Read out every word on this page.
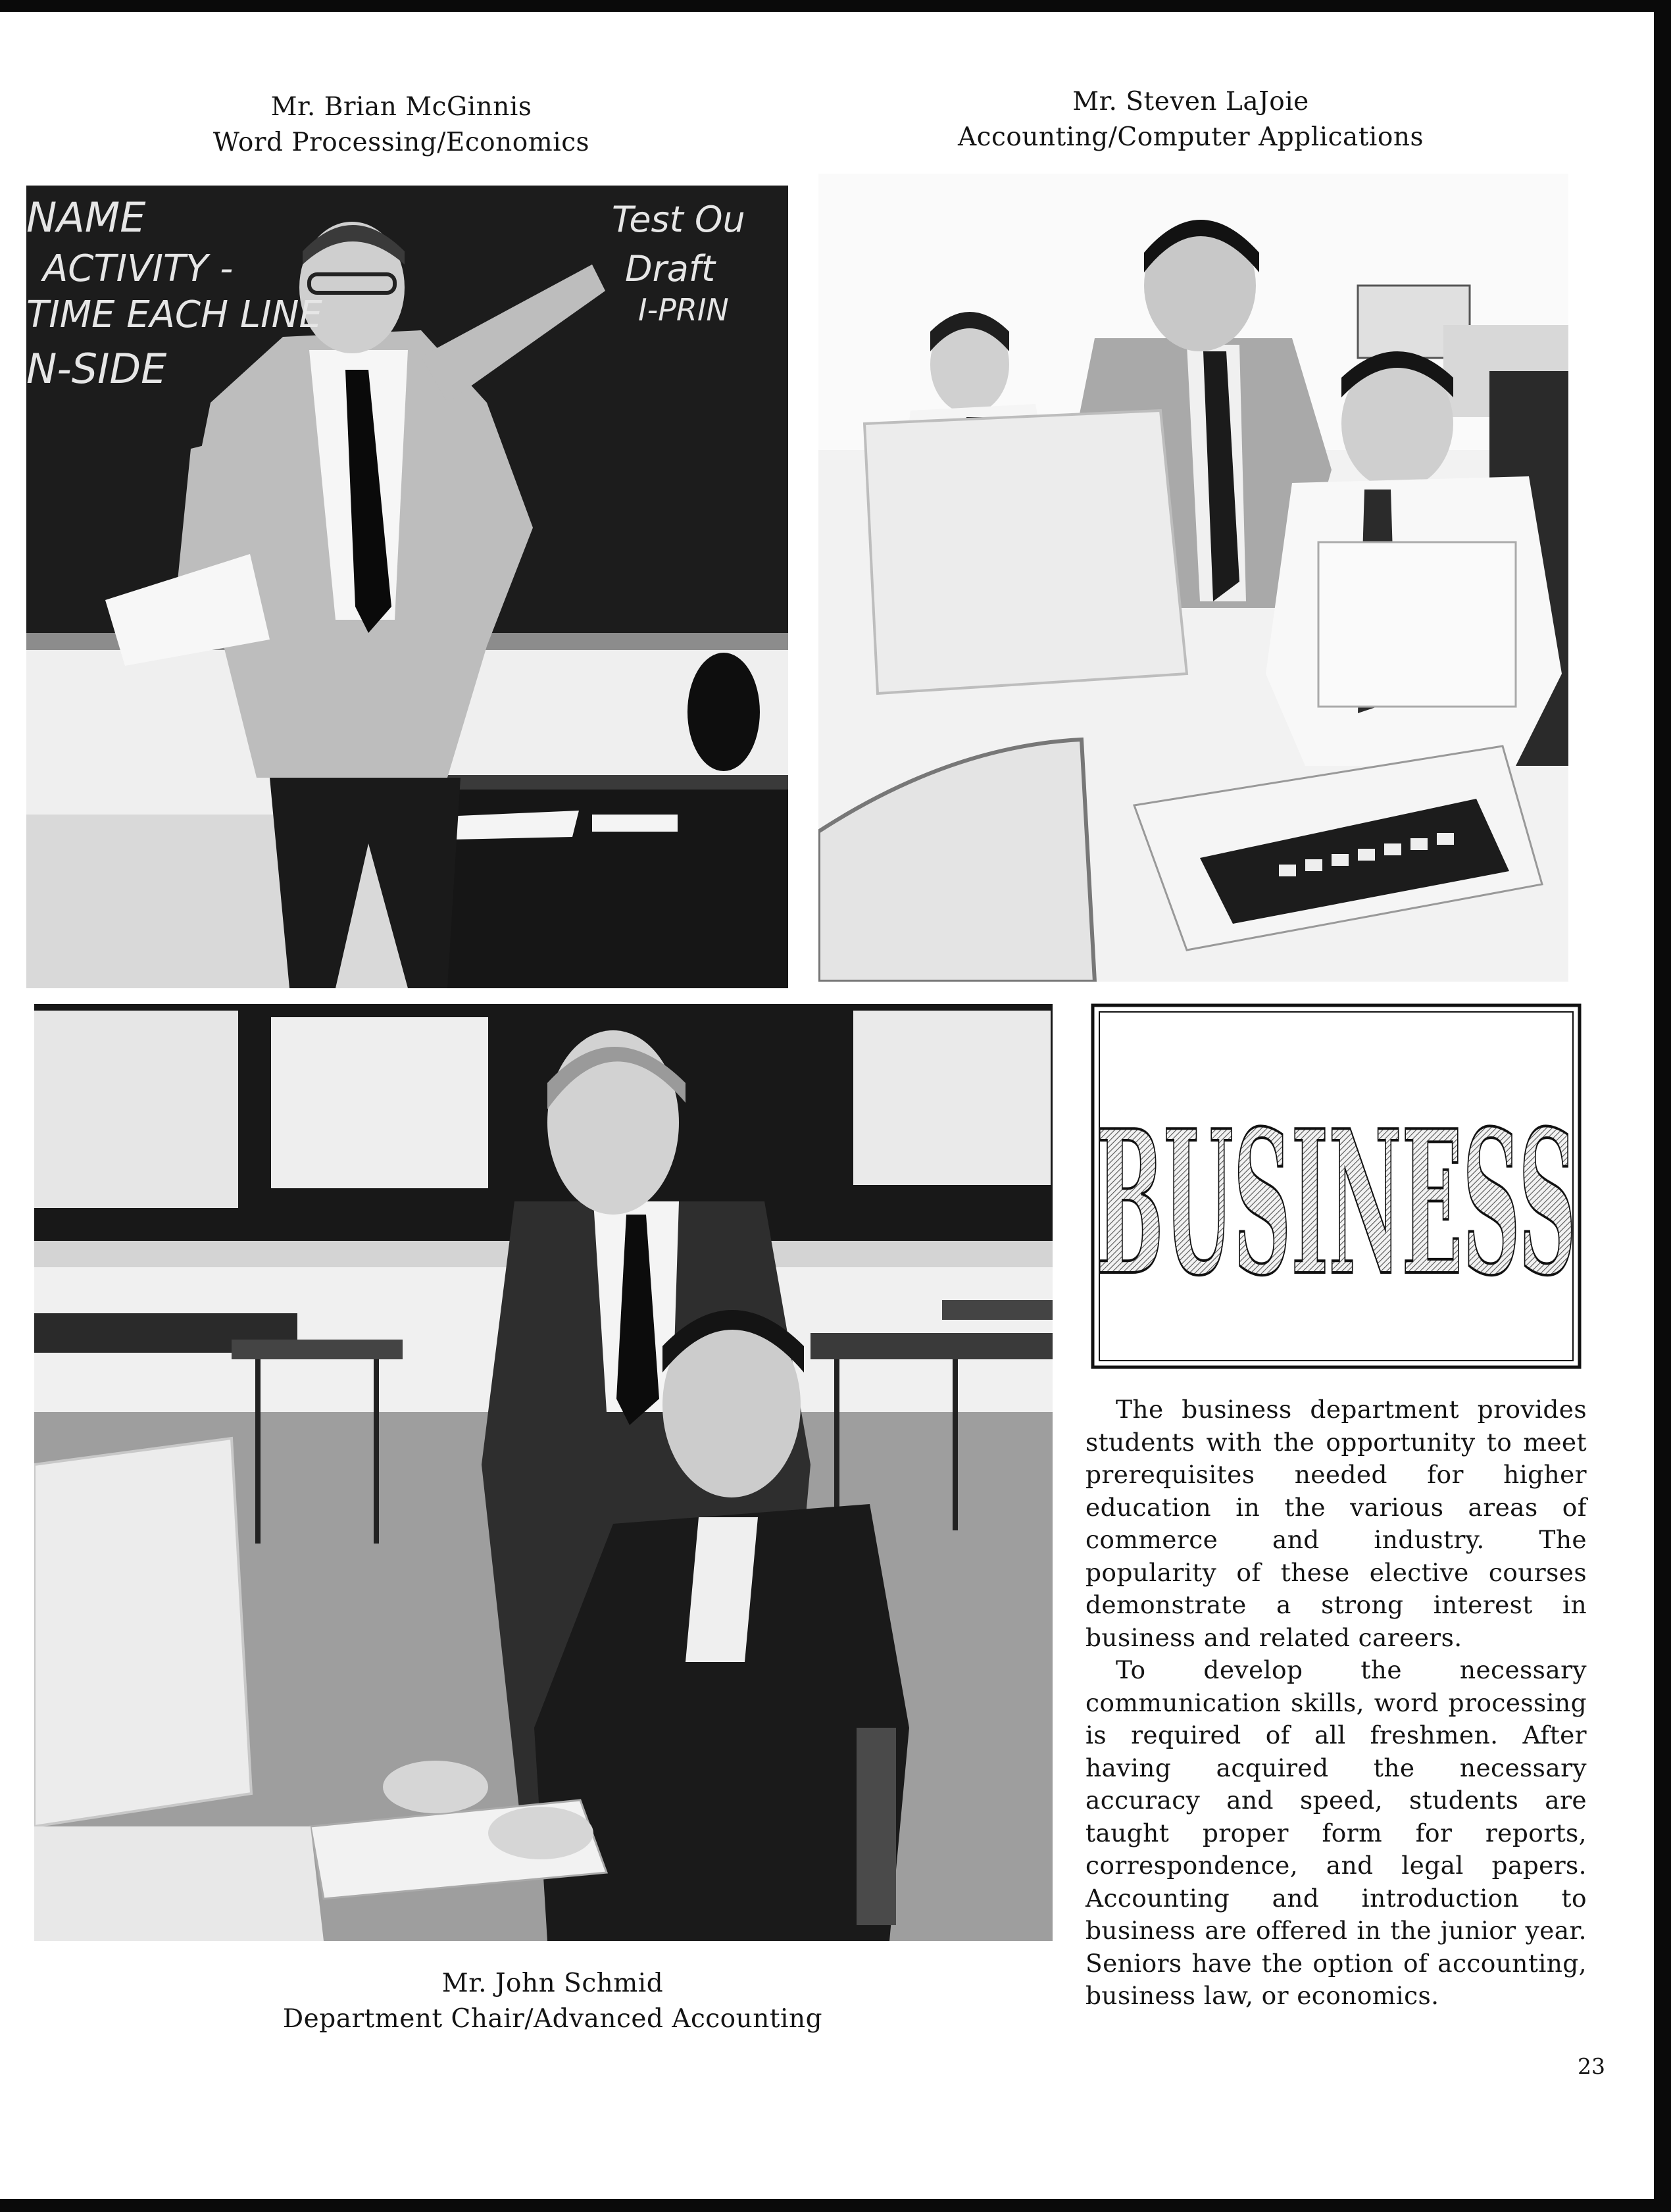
Mr. Brian McGinnis
Word Processing/Economics
Mr. Steven LaJoie
Accounting/Computer Applications
NAME
ACTIVITY -
TIME EACH LINE
N-SIDE
Test Ou
Draft
I-PRIN
Mr. John Schmid
Department Chair/Advanced Accounting
BUSINESS

The business department provides students with the opportunity to meet prerequisites needed for higher education in the various areas of commerce and industry. The popularity of these elective courses demonstrate a strong interest in business and related careers.

To develop the necessary communication skills, word processing is required of all freshmen. After having acquired the necessary accuracy and speed, students are taught proper form for reports, correspondence, and legal papers. Accounting and introduction to business are offered in the junior year. Seniors have the option of accounting, business law, or economics.

23
